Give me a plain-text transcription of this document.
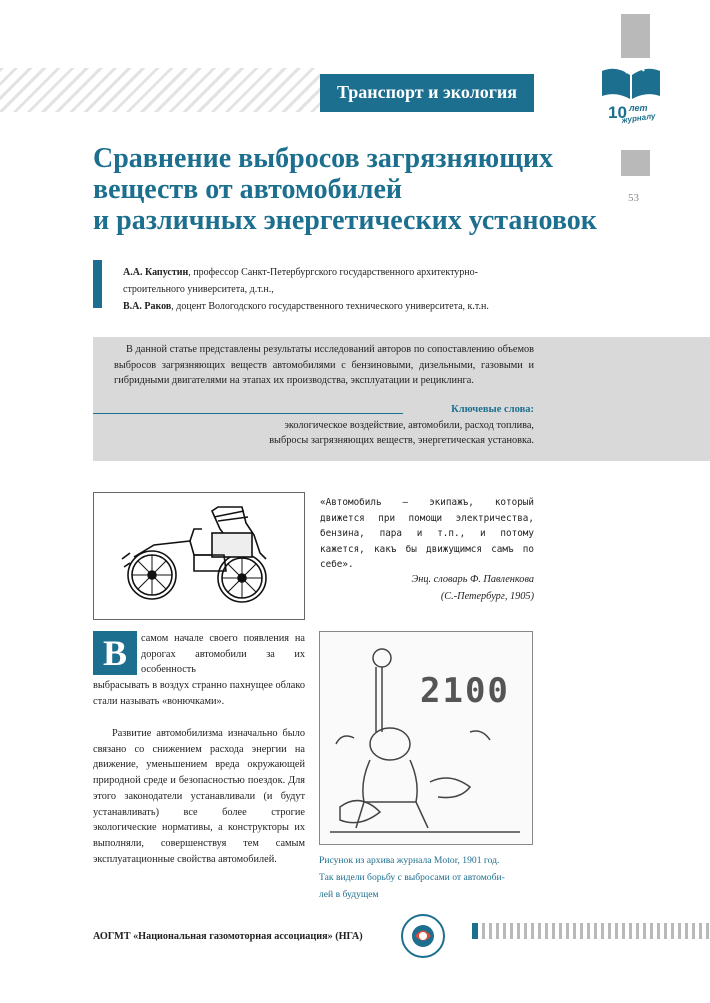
Транспорт и экология
53
10 лет
журналу
Сравнение выбросов загрязняющих
веществ от автомобилей
и различных энергетических установок
А.А. Капустин, профессор Санкт-Петербургского государственного архитектурно-
строительного университета, д.т.н.,
В.А. Раков, доцент Вологодского государственного технического университета, к.т.н.
В данной статье представлены результаты исследований авторов по сопоставлению объемов выбросов загрязняющих веществ автомобилями с бензиновыми, дизельными, газовыми и гибридными двигателями на этапах их производства, эксплуатации и рециклинга.
Ключевые слова:
экологическое воздействие, автомобили, расход топлива,
выбросы загрязняющих веществ, энергетическая установка.
«Автомобиль – экипажъ, который движется при помощи электричества, бензина, пара и т.п., и потому кажется, какъ бы движущимся самъ по себе».
Энц. словарь Ф. Павленкова
(С.-Петербург, 1905)
В	самом начале своего появления на дорогах автомобили за их особенность
выбрасывать в воздух странно пахнущее облако стали называть «вонючками».
Развитие автомобилизма изначально было связано со снижением расхода энергии на движение, уменьшением вреда окружающей природной среде и безопасностью поездок. Для этого законодатели устанавливали (и будут устанавливать) все более строгие экологические нормативы, а конструкторы их выполняли, совершенствуя тем самым эксплуатационные свойства автомобилей.
2100
Рисунок из архива журнала Motor, 1901 год.
Так видели борьбу с выбросами от автомоби-
лей в будущем
АОГМТ «Национальная газомоторная ассоциация» (НГА)
